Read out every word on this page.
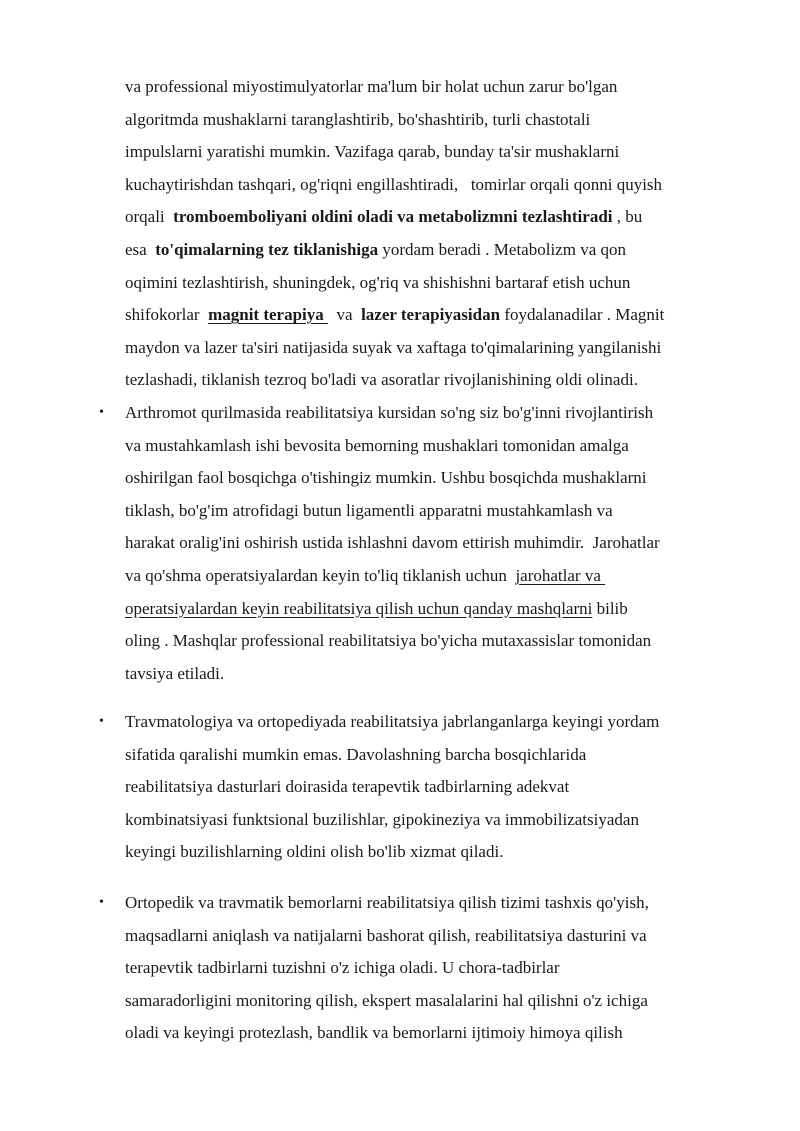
va professional miyostimulyatorlar ma'lum bir holat uchun zarur bo'lgan
algoritmda mushaklarni taranglashtirib, bo'shashtirib, turli chastotali
impulslarni yaratishi mumkin. Vazifaga qarab, bunday ta'sir mushaklarni
kuchaytirishdan tashqari, og'riqni engillashtiradi,   tomirlar orqali qonni quyish
orqali  tromboemboliyani oldini oladi va metabolizmni tezlashtiradi , bu
esa  to'qimalarning tez tiklanishiga yordam beradi . Metabolizm va qon
oqimini tezlashtirish, shuningdek, og'riq va shishishni bartaraf etish uchun
shifokorlar  magnit terapiya   va  lazer terapiyasidan foydalanadilar . Magnit
maydon va lazer ta'siri natijasida suyak va xaftaga to'qimalarining yangilanishi
tezlashadi, tiklanish tezroq bo'ladi va asoratlar rivojlanishining oldi olinadi.
• Arthromot qurilmasida reabilitatsiya kursidan so'ng siz bo'g'inni rivojlantirish
va mustahkamlash ishi bevosita bemorning mushaklari tomonidan amalga
oshirilgan faol bosqichga o'tishingiz mumkin. Ushbu bosqichda mushaklarni
tiklash, bo'g'im atrofidagi butun ligamentli apparatni mustahkamlash va
harakat oralig'ini oshirish ustida ishlashni davom ettirish muhimdir.  Jarohatlar
va qo'shma operatsiyalardan keyin to'liq tiklanish uchun  jarohatlar va
operatsiyalardan keyin reabilitatsiya qilish uchun qanday mashqlarni bilib
oling . Mashqlar professional reabilitatsiya bo'yicha mutaxassislar tomonidan
tavsiya etiladi.
• Travmatologiya va ortopediyada reabilitatsiya jabrlanganlarga keyingi yordam
sifatida qaralishi mumkin emas. Davolashning barcha bosqichlarida
reabilitatsiya dasturlari doirasida terapevtik tadbirlarning adekvat
kombinatsiyasi funktsional buzilishlar, gipokineziya va immobilizatsiyadan
keyingi buzilishlarning oldini olish bo'lib xizmat qiladi.
• Ortopedik va travmatik bemorlarni reabilitatsiya qilish tizimi tashxis qo'yish,
maqsadlarni aniqlash va natijalarni bashorat qilish, reabilitatsiya dasturini va
terapevtik tadbirlarni tuzishni o'z ichiga oladi. U chora-tadbirlar
samaradorligini monitoring qilish, ekspert masalalarini hal qilishni o'z ichiga
oladi va keyingi protezlash, bandlik va bemorlarni ijtimoiy himoya qilish
